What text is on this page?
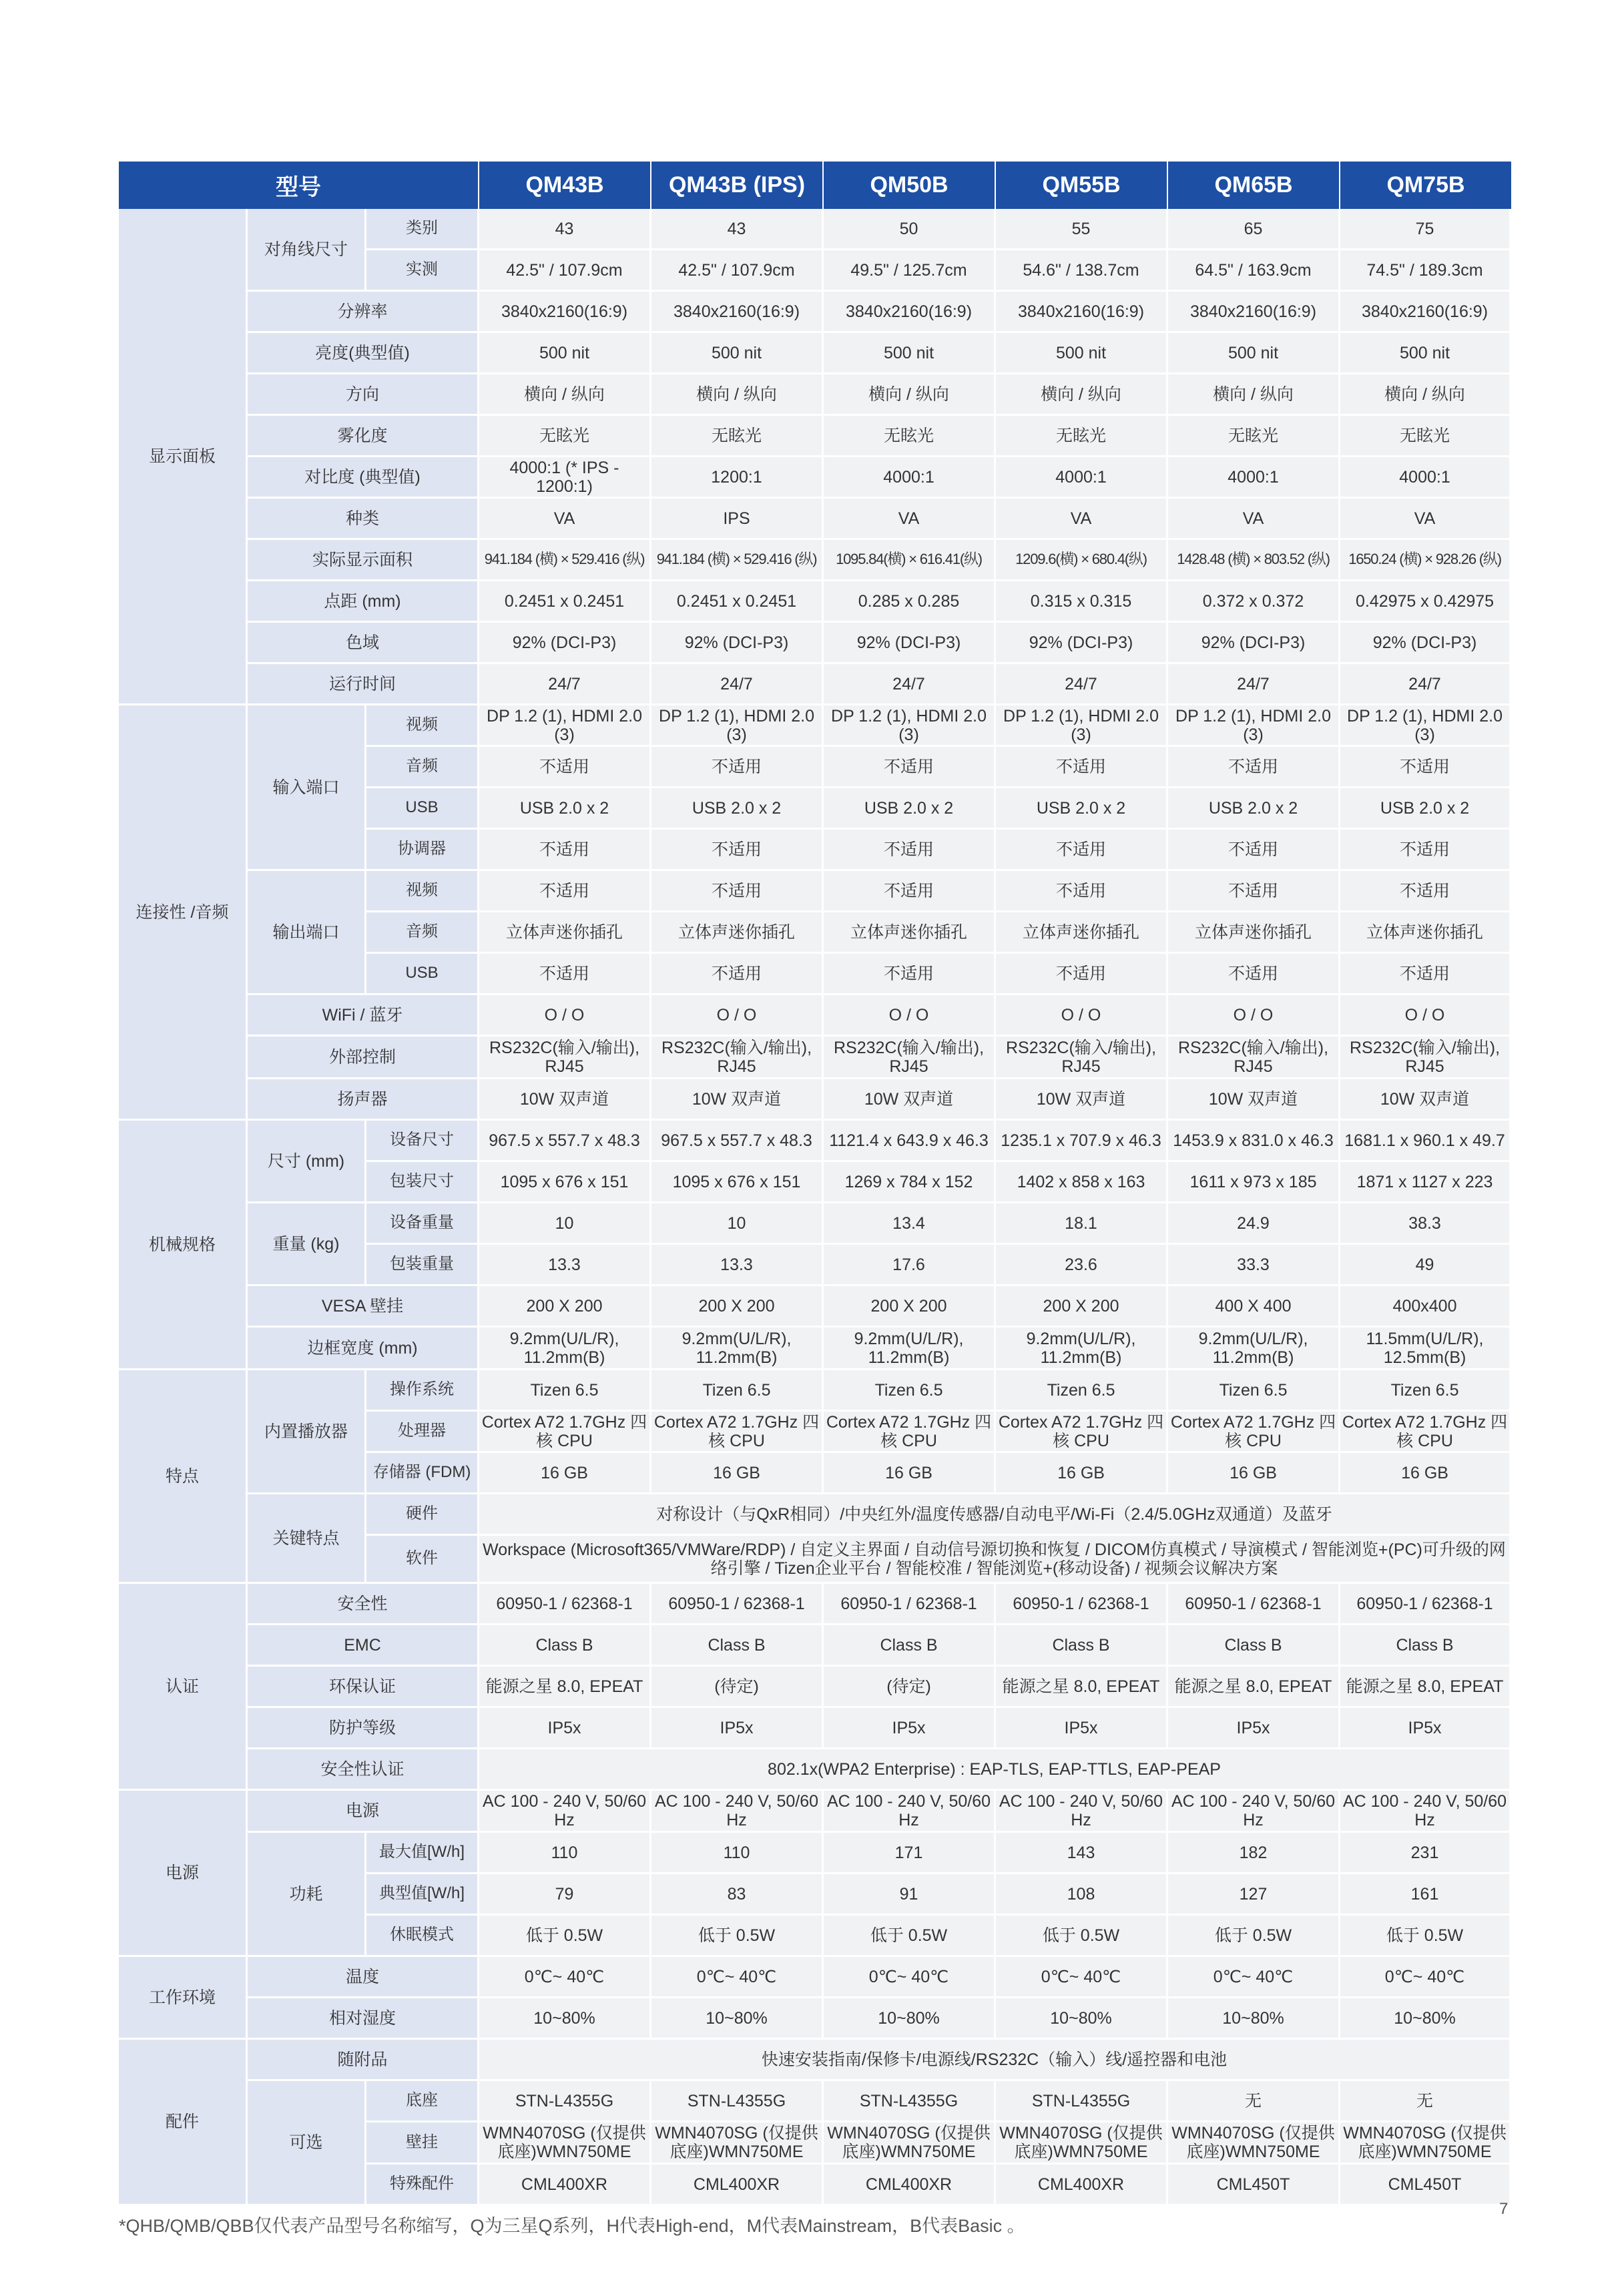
型号			QM43B	QM43B (IPS)	QM50B	QM55B	QM65B	QM75B
显示面板	对角线尺寸	类别	43	43	50	55	65	75
		实测	42.5" / 107.9cm	42.5" / 107.9cm	49.5" / 125.7cm	54.6" / 138.7cm	64.5" / 163.9cm	74.5" / 189.3cm
	分辨率		3840x2160(16:9)	3840x2160(16:9)	3840x2160(16:9)	3840x2160(16:9)	3840x2160(16:9)	3840x2160(16:9)
	亮度(典型值)		500 nit	500 nit	500 nit	500 nit	500 nit	500 nit
	方向		横向 / 纵向	横向 / 纵向	横向 / 纵向	横向 / 纵向	横向 / 纵向	横向 / 纵向
	雾化度		无眩光	无眩光	无眩光	无眩光	无眩光	无眩光
	对比度 (典型值)		4000:1 (* IPS - 1200:1)	1200:1	4000:1	4000:1	4000:1	4000:1
	种类		VA	IPS	VA	VA	VA	VA
	实际显示面积		941.184 (横) × 529.416 (纵)	941.184 (横) × 529.416 (纵)	1095.84(横) × 616.41(纵)	1209.6(横) × 680.4(纵)	1428.48 (横) × 803.52 (纵)	1650.24 (横) × 928.26 (纵)
	点距 (mm)		0.2451 x 0.2451	0.2451 x 0.2451	0.285 x 0.285	0.315 x 0.315	0.372 x 0.372	0.42975 x 0.42975
	色域		92% (DCI-P3)	92% (DCI-P3)	92% (DCI-P3)	92% (DCI-P3)	92% (DCI-P3)	92% (DCI-P3)
	运行时间		24/7	24/7	24/7	24/7	24/7	24/7
连接性 /音频	输入端口	视频	DP 1.2 (1), HDMI 2.0 (3)	DP 1.2 (1), HDMI 2.0 (3)	DP 1.2 (1), HDMI 2.0 (3)	DP 1.2 (1), HDMI 2.0 (3)	DP 1.2 (1), HDMI 2.0 (3)	DP 1.2 (1), HDMI 2.0 (3)
		音频	不适用	不适用	不适用	不适用	不适用	不适用
		USB	USB 2.0 x 2	USB 2.0 x 2	USB 2.0 x 2	USB 2.0 x 2	USB 2.0 x 2	USB 2.0 x 2
		协调器	不适用	不适用	不适用	不适用	不适用	不适用
	输出端口	视频	不适用	不适用	不适用	不适用	不适用	不适用
		音频	立体声迷你插孔	立体声迷你插孔	立体声迷你插孔	立体声迷你插孔	立体声迷你插孔	立体声迷你插孔
		USB	不适用	不适用	不适用	不适用	不适用	不适用
	WiFi / 蓝牙		O / O	O / O	O / O	O / O	O / O	O / O
	外部控制		RS232C(输入/输出), RJ45	RS232C(输入/输出), RJ45	RS232C(输入/输出), RJ45	RS232C(输入/输出), RJ45	RS232C(输入/输出), RJ45	RS232C(输入/输出), RJ45
	扬声器		10W 双声道	10W 双声道	10W 双声道	10W 双声道	10W 双声道	10W 双声道
机械规格	尺寸 (mm)	设备尺寸	967.5 x 557.7 x 48.3	967.5 x 557.7 x 48.3	1121.4 x 643.9 x 46.3	1235.1 x 707.9 x 46.3	1453.9 x 831.0 x 46.3	1681.1 x 960.1 x 49.7
		包装尺寸	1095 x 676 x 151	1095 x 676 x 151	1269 x 784 x 152	1402 x 858 x 163	1611 x 973 x 185	1871 x 1127 x 223
	重量 (kg)	设备重量	10	10	13.4	18.1	24.9	38.3
		包装重量	13.3	13.3	17.6	23.6	33.3	49
	VESA 壁挂		200 X 200	200 X 200	200 X 200	200 X 200	400 X 400	400x400
	边框宽度 (mm)		9.2mm(U/L/R), 11.2mm(B)	9.2mm(U/L/R), 11.2mm(B)	9.2mm(U/L/R), 11.2mm(B)	9.2mm(U/L/R), 11.2mm(B)	9.2mm(U/L/R), 11.2mm(B)	11.5mm(U/L/R), 12.5mm(B)
特点	内置播放器	操作系统	Tizen 6.5	Tizen 6.5	Tizen 6.5	Tizen 6.5	Tizen 6.5	Tizen 6.5
		处理器	Cortex A72 1.7GHz 四核 CPU	Cortex A72 1.7GHz 四核 CPU	Cortex A72 1.7GHz 四核 CPU	Cortex A72 1.7GHz 四核 CPU	Cortex A72 1.7GHz 四核 CPU	Cortex A72 1.7GHz 四核 CPU
		存储器 (FDM)	16 GB	16 GB	16 GB	16 GB	16 GB	16 GB
	关键特点	硬件	对称设计（与QxR相同）/中央红外/温度传感器/自动电平/Wi-Fi（2.4/5.0GHz双通道）及蓝牙					
		软件	Workspace (Microsoft365/VMWare/RDP) / 自定义主界面 / 自动信号源切换和恢复 / DICOM仿真模式 / 导演模式 / 智能浏览+(PC)可升级的网络引擎 / Tizen企业平台 / 智能校准 / 智能浏览+(移动设备) / 视频会议解决方案					
认证	安全性		60950-1 / 62368-1	60950-1 / 62368-1	60950-1 / 62368-1	60950-1 / 62368-1	60950-1 / 62368-1	60950-1 / 62368-1
	EMC		Class B	Class B	Class B	Class B	Class B	Class B
	环保认证		能源之星 8.0, EPEAT	(待定)	(待定)	能源之星 8.0, EPEAT	能源之星 8.0, EPEAT	能源之星 8.0, EPEAT
	防护等级		IP5x	IP5x	IP5x	IP5x	IP5x	IP5x
	安全性认证		802.1x(WPA2 Enterprise) : EAP-TLS, EAP-TTLS, EAP-PEAP					
电源	电源		AC 100 - 240 V, 50/60 Hz	AC 100 - 240 V, 50/60 Hz	AC 100 - 240 V, 50/60 Hz	AC 100 - 240 V, 50/60 Hz	AC 100 - 240 V, 50/60 Hz	AC 100 - 240 V, 50/60 Hz
	功耗	最大值[W/h]	110	110	171	143	182	231
		典型值[W/h]	79	83	91	108	127	161
		休眠模式	低于 0.5W	低于 0.5W	低于 0.5W	低于 0.5W	低于 0.5W	低于 0.5W
工作环境	温度		0℃~ 40℃	0℃~ 40℃	0℃~ 40℃	0℃~ 40℃	0℃~ 40℃	0℃~ 40℃
	相对湿度		10~80%	10~80%	10~80%	10~80%	10~80%	10~80%
配件	随附品		快速安装指南/保修卡/电源线/RS232C（输入）线/遥控器和电池					
	可选	底座	STN-L4355G	STN-L4355G	STN-L4355G	STN-L4355G	无	无
		壁挂	WMN4070SG (仅提供底座)WMN750ME	WMN4070SG (仅提供底座)WMN750ME	WMN4070SG (仅提供底座)WMN750ME	WMN4070SG (仅提供底座)WMN750ME	WMN4070SG (仅提供底座)WMN750ME	WMN4070SG (仅提供底座)WMN750ME
		特殊配件	CML400XR	CML400XR	CML400XR	CML400XR	CML450T	CML450T
7
*QHB/QMB/QBB仅代表产品型号名称缩写，Q为三星Q系列，H代表High-end，M代表Mainstream，B代表Basic 。
